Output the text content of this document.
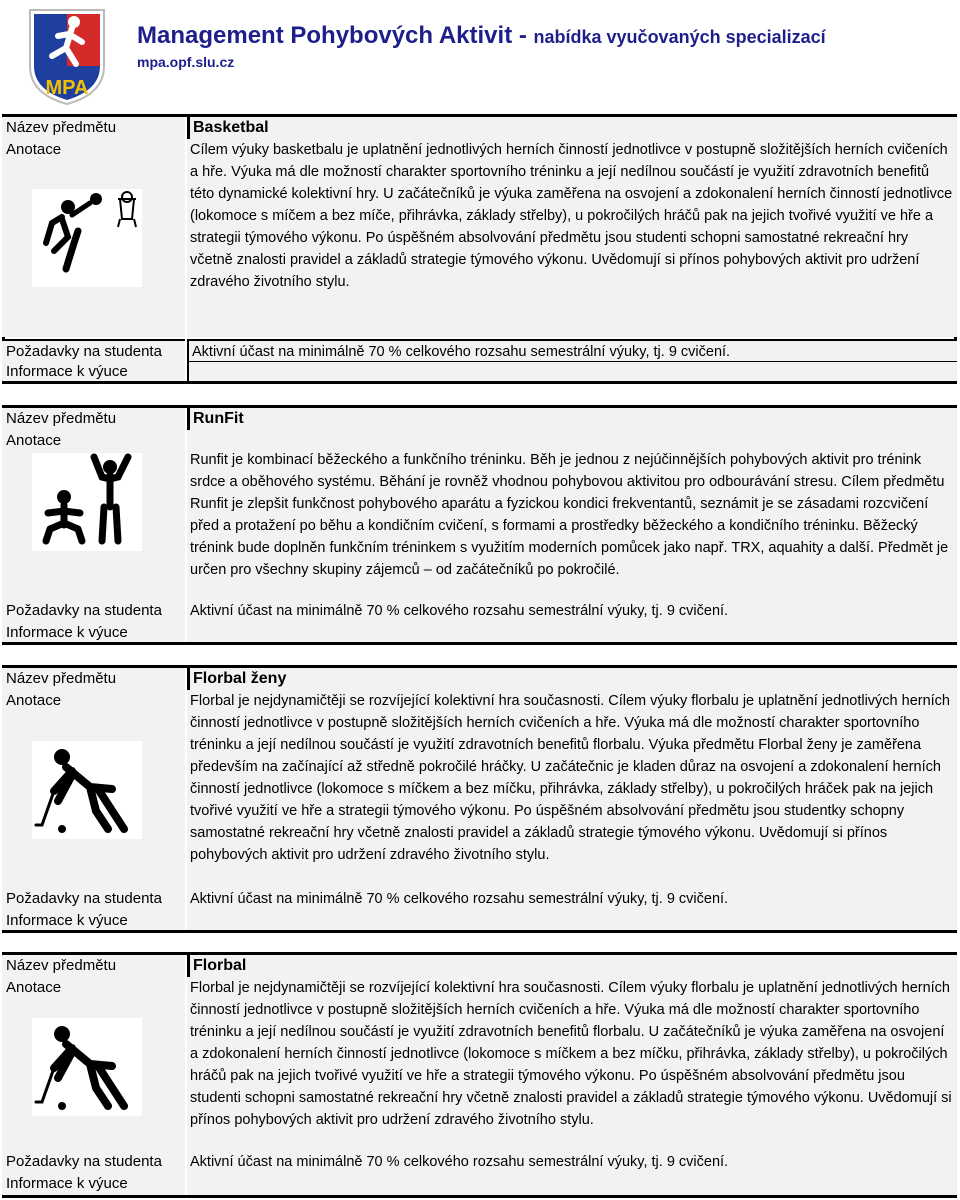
MPA
Management Pohybových Aktivit - nabídka vyučovaných specializací
mpa.opf.slu.cz
Název předmětu
Anotace
Basketbal
Cílem výuky basketbalu je uplatnění jednotlivých herních činností jednotlivce v postupně složitějších herních cvičeních a hře. Výuka má dle možností charakter sportovního tréninku a její nedílnou součástí je využití zdravotních benefitů této dynamické kolektivní hry. U začátečníků je výuka zaměřena na osvojení a zdokonalení herních činností jednotlivce (lokomoce s míčem a bez míče, přihrávka, základy střelby), u pokročilých hráčů pak na jejich tvořivé využití ve hře a strategii týmového výkonu. Po úspěšném absolvování předmětu jsou studenti schopni samostatné rekreační hry včetně znalosti pravidel a základů strategie týmového výkonu. Uvědomují si přínos pohybových aktivit pro udržení zdravého životního stylu.
Požadavky na studenta
Informace k výuce
Aktivní účast na minimálně 70 % celkového rozsahu semestrální výuky, tj. 9 cvičení.
Název předmětu
Anotace
RunFit
Runfit je kombinací běžeckého a funkčního tréninku. Běh je jednou z nejúčinnějších pohybových aktivit pro trénink srdce a oběhového systému. Běhání je rovněž vhodnou pohybovou aktivitou pro odbourávání stresu. Cílem předmětu Runfit je zlepšit funkčnost pohybového aparátu a fyzickou kondici frekventantů, seznámit je se zásadami rozcvičení před a protažení po běhu a kondičním cvičení, s formami a prostředky běžeckého a kondičního tréninku. Běžecký trénink bude doplněn funkčním tréninkem s využitím moderních pomůcek jako např. TRX, aquahity a další. Předmět je určen pro všechny skupiny zájemců – od začátečníků po pokročilé.
Požadavky na studenta
Informace k výuce
Aktivní účast na minimálně 70 % celkového rozsahu semestrální výuky, tj. 9 cvičení.
Název předmětu
Anotace
Florbal ženy
Florbal je nejdynamičtěji se rozvíjející kolektivní hra současnosti. Cílem výuky florbalu je uplatnění jednotlivých herních činností jednotlivce v postupně složitějších herních cvičeních a hře. Výuka má dle možností charakter sportovního tréninku a její nedílnou součástí je využití zdravotních benefitů florbalu. Výuka předmětu Florbal ženy je zaměřena především na začínající až středně pokročilé hráčky. U začátečnic je kladen důraz na osvojení a zdokonalení herních činností jednotlivce (lokomoce s míčkem a bez míčku, přihrávka, základy střelby), u pokročilých hráček pak na jejich tvořivé využití ve hře a strategii týmového výkonu. Po úspěšném absolvování předmětu jsou studentky schopny samostatné rekreační hry včetně znalosti pravidel a základů strategie týmového výkonu. Uvědomují si přínos pohybových aktivit pro udržení zdravého životního stylu.
Požadavky na studenta
Informace k výuce
Aktivní účast na minimálně 70 % celkového rozsahu semestrální výuky, tj. 9 cvičení.
Název předmětu
Anotace
Florbal
Florbal je nejdynamičtěji se rozvíjející kolektivní hra současnosti. Cílem výuky florbalu je uplatnění jednotlivých herních činností jednotlivce v postupně složitějších herních cvičeních a hře. Výuka má dle možností charakter sportovního tréninku a její nedílnou součástí je využití zdravotních benefitů florbalu. U začátečníků je výuka zaměřena na osvojení a zdokonalení herních činností jednotlivce (lokomoce s míčkem a bez míčku, přihrávka, základy střelby), u pokročilých hráčů pak na jejich tvořivé využití ve hře a strategii týmového výkonu. Po úspěšném absolvování předmětu jsou studenti schopni samostatné rekreační hry včetně znalosti pravidel a základů strategie týmového výkonu. Uvědomují si přínos pohybových aktivit pro udržení zdravého životního stylu.
Požadavky na studenta
Informace k výuce
Aktivní účast na minimálně 70 % celkového rozsahu semestrální výuky, tj. 9 cvičení.
